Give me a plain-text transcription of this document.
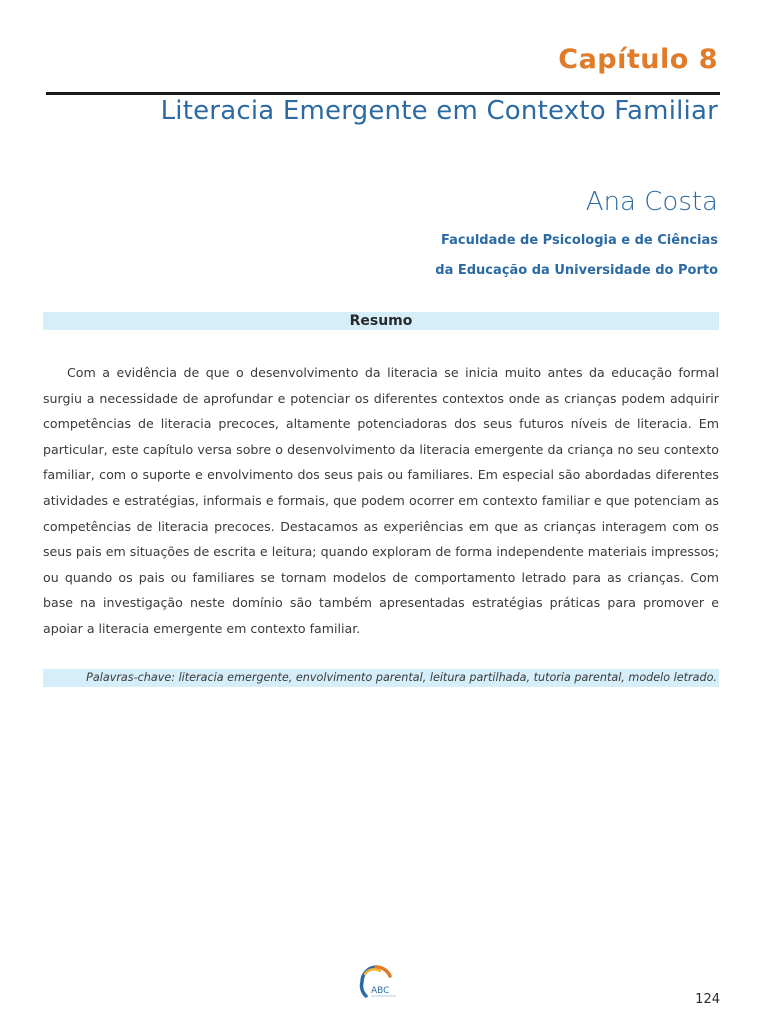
Capítulo 8
Literacia Emergente em Contexto Familiar
Ana Costa
Faculdade de Psicologia e de Ciências
da Educação da Universidade do Porto
Resumo

Com a evidência de que o desenvolvimento da literacia se inicia muito antes da educação formal surgiu a necessidade de aprofundar e potenciar os diferentes contextos onde as crianças podem adquirir competências de literacia precoces, altamente potenciadoras dos seus futuros níveis de literacia. Em particular, este capítulo versa sobre o desenvolvimento da literacia emergente da criança no seu contexto familiar, com o suporte e envolvimento dos seus pais ou familiares. Em especial são abordadas diferentes atividades e estratégias, informais e formais, que podem ocorrer em contexto familiar e que potenciam as competências de literacia precoces. Destacamos as experiências em que as crianças interagem com os seus pais em situações de escrita e leitura; quando exploram de forma independente materiais impressos; ou quando os pais ou familiares se tornam modelos de comportamento letrado para as crianças. Com base na investigação neste domínio são também apresentadas estratégias práticas para promover e apoiar a literacia emergente em contexto familiar.

Palavras-chave: literacia emergente, envolvimento parental, leitura partilhada, tutoria parental, modelo letrado.
ABC
124
